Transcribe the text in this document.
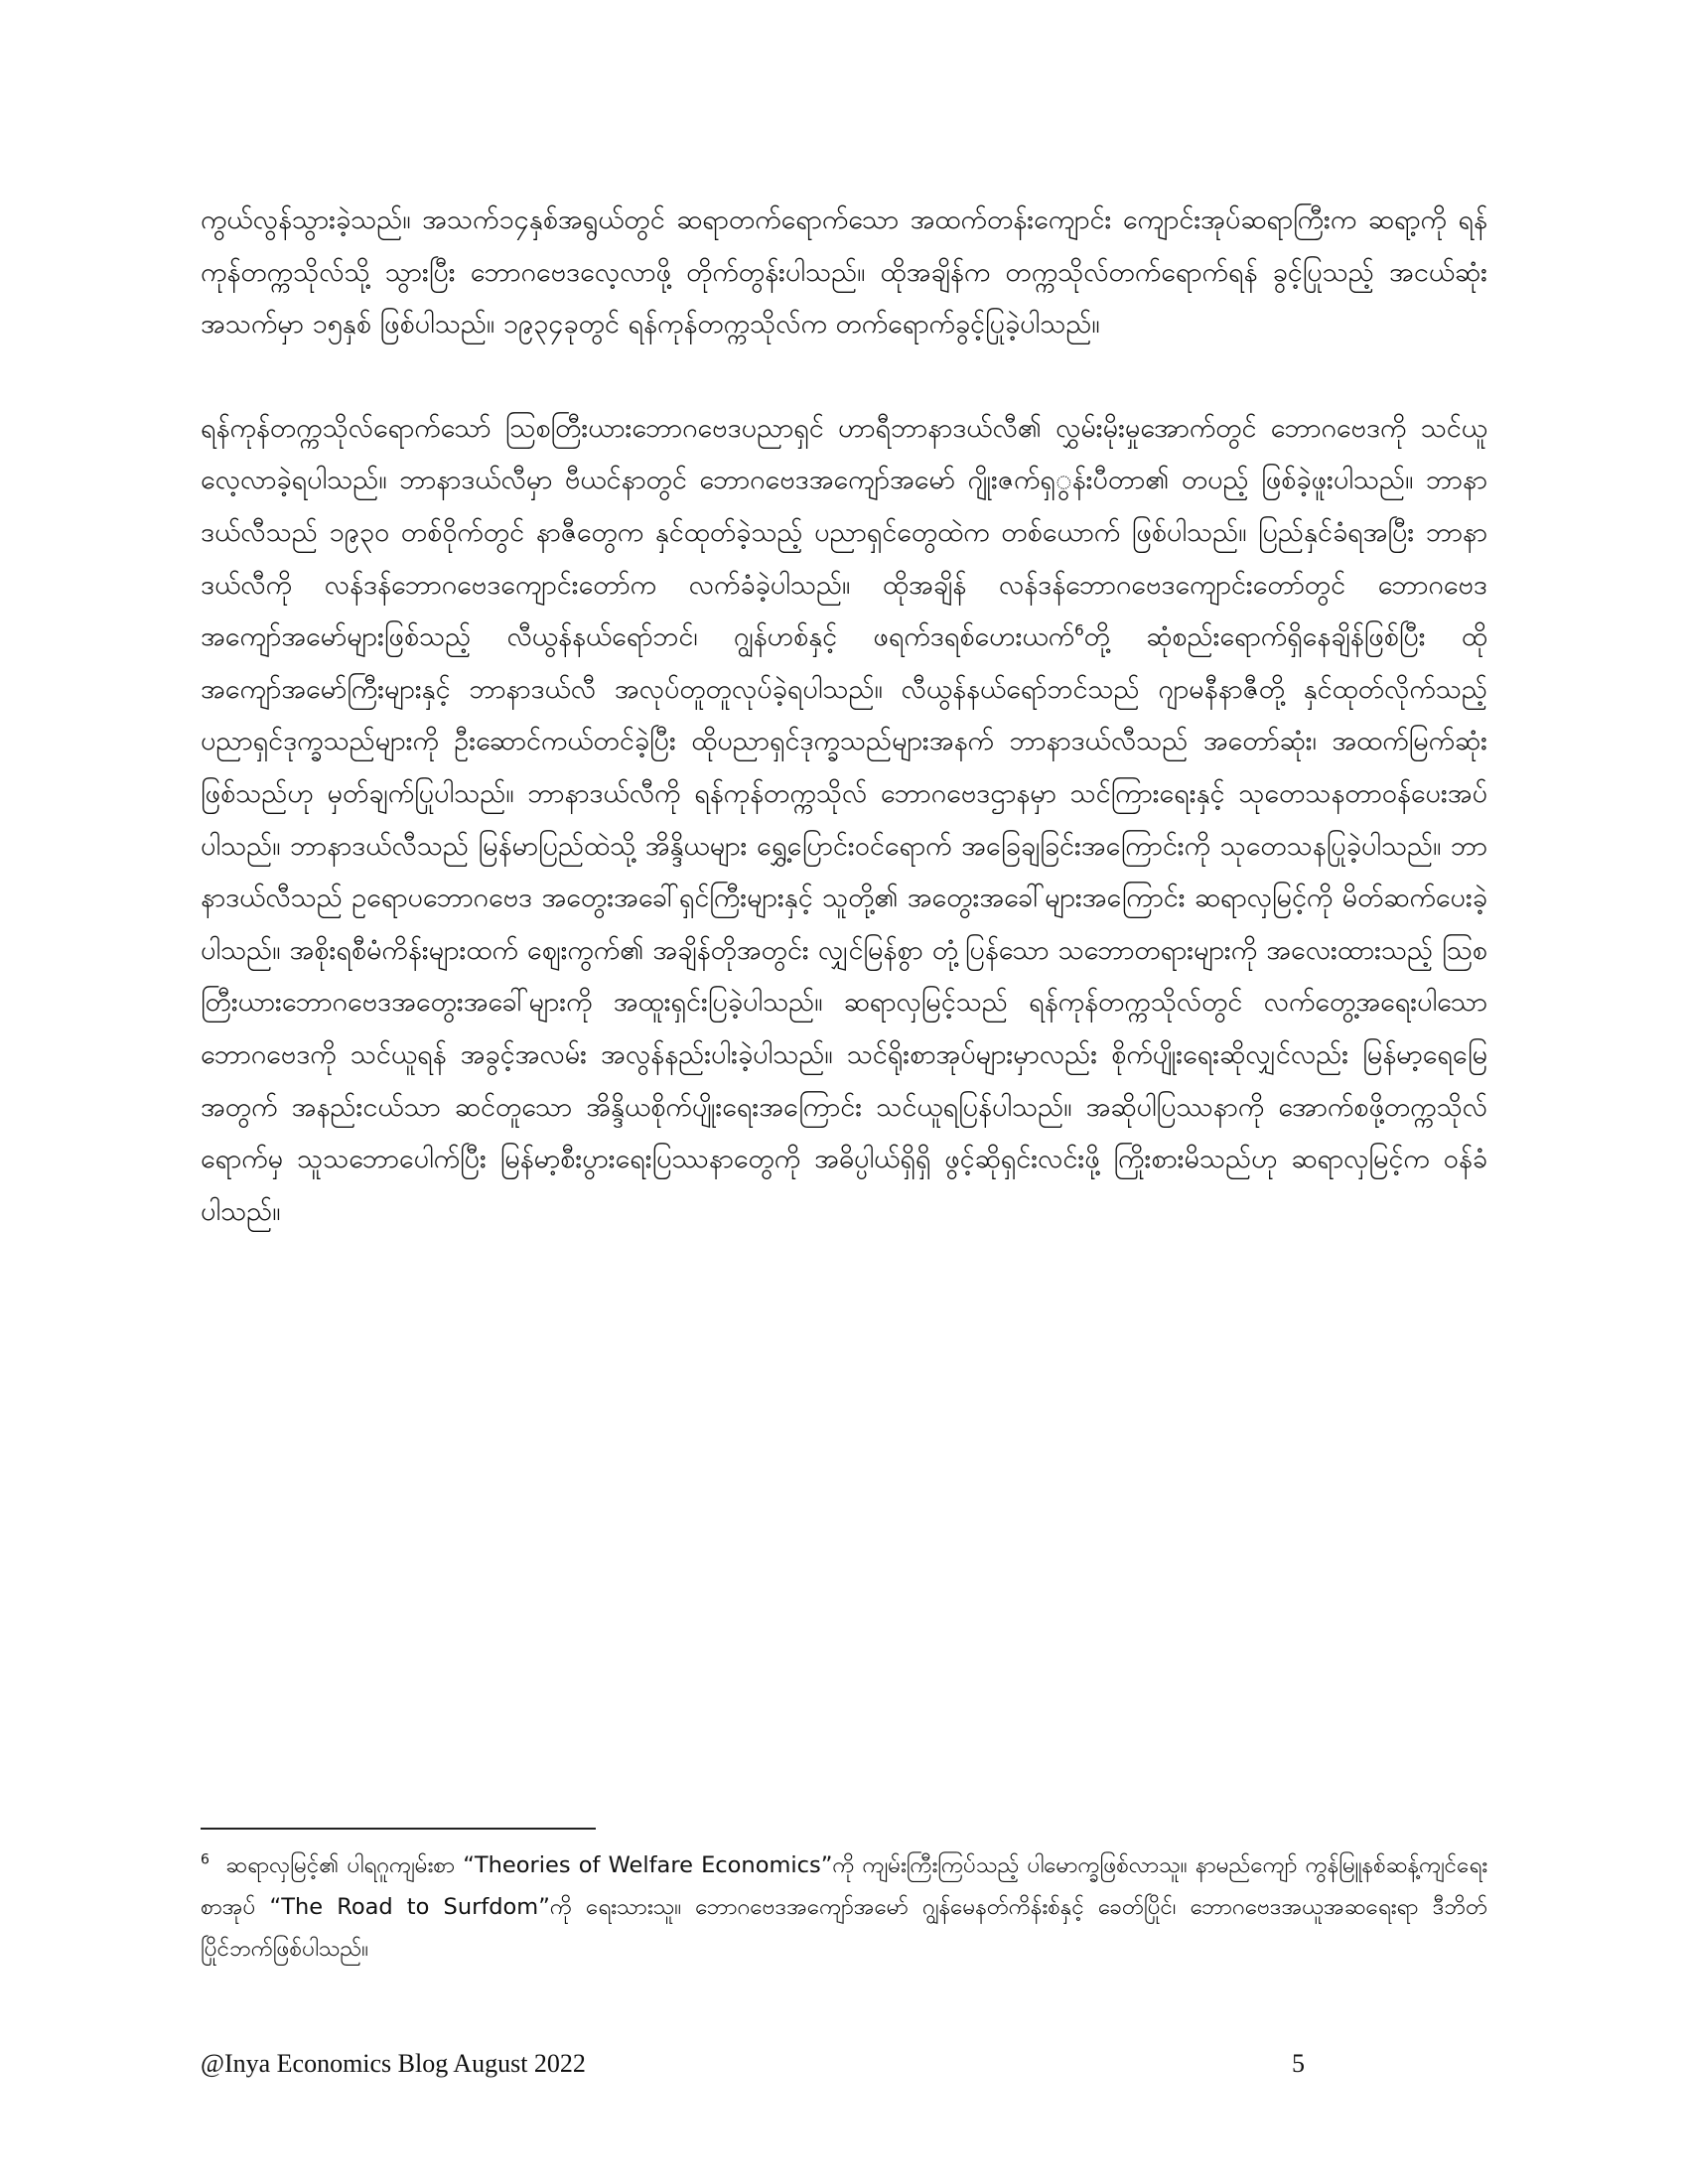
ကွယ်လွန်သွားခဲ့သည်။ အသက်၁၄နှစ်အရွယ်တွင် ဆရာတက်ရောက်သော အထက်တန်းကျောင်း ကျောင်းအုပ်ဆရာကြီးက ဆရာ့ကို ရန်ကုန်တက္ကသိုလ်သို့ သွားပြီး ဘောဂဗေဒလေ့လာဖို့ တိုက်တွန်းပါသည်။ ထိုအချိန်က တက္ကသိုလ်တက်ရောက်ရန် ခွင့်ပြုသည့် အငယ်ဆုံးအသက်မှာ ၁၅နှစ် ဖြစ်ပါသည်။ ၁၉၃၄ခုတွင် ရန်ကုန်တက္ကသိုလ်က တက်ရောက်ခွင့်ပြုခဲ့ပါသည်။

ရန်ကုန်တက္ကသိုလ်ရောက်သော် ဩစတြီးယားဘောဂဗေဒပညာရှင် ဟာရီဘာနာဒယ်လီ၏ လွှမ်းမိုးမှုအောက်တွင် ဘောဂဗေဒကို သင်ယူလေ့လာခဲ့ရပါသည်။ ဘာနာဒယ်လီမှာ ဗီယင်နာတွင် ဘောဂဗေဒအကျော်အမော် ဂျိုးဇက်ရှွန်းပီတာ၏ တပည့် ဖြစ်ခဲ့ဖူးပါသည်။ ဘာနာဒယ်လီသည် ၁၉၃၀ တစ်ဝိုက်တွင် နာဇီတွေက နှင်ထုတ်ခဲ့သည့် ပညာရှင်တွေထဲက တစ်ယောက် ဖြစ်ပါသည်။ ပြည်နှင်ခံရအပြီး ဘာနာဒယ်လီကို လန်ဒန်ဘောဂဗေဒကျောင်းတော်က လက်ခံခဲ့ပါသည်။ ထိုအချိန် လန်ဒန်ဘောဂဗေဒကျောင်းတော်တွင် ဘောဂဗေဒအကျော်အမော်များဖြစ်သည့် လီယွန်နယ်ရော်ဘင်၊ ဂျွန်ဟစ်နှင့် ဖရက်ဒရစ်ဟေးယက်$^6$တို့ ဆုံစည်းရောက်ရှိနေချိန်ဖြစ်ပြီး ထိုအကျော်အမော်ကြီးများနှင့် ဘာနာဒယ်လီ အလုပ်တူတူလုပ်ခဲ့ရပါသည်။ လီယွန်နယ်ရော်ဘင်သည် ဂျာမနီနာဇီတို့ နှင်ထုတ်လိုက်သည့် ပညာရှင်ဒုက္ခသည်များကို ဦးဆောင်ကယ်တင်ခဲ့ပြီး ထိုပညာရှင်ဒုက္ခသည်များအနက် ဘာနာဒယ်လီသည် အတော်ဆုံး၊ အထက်မြက်ဆုံး ဖြစ်သည်ဟု မှတ်ချက်ပြုပါသည်။ ဘာနာဒယ်လီကို ရန်ကုန်တက္ကသိုလ် ဘောဂဗေဒဌာနမှာ သင်ကြားရေးနှင့် သုတေသနတာဝန်ပေးအပ်ပါသည်။ ဘာနာဒယ်လီသည် မြန်မာပြည်ထဲသို့ အိန္ဒိယများ ရွှေ့ပြောင်းဝင်ရောက် အခြေချခြင်းအကြောင်းကို သုတေသနပြုခဲ့ပါသည်။ ဘာနာဒယ်လီသည် ဥရောပဘောဂဗေဒ အတွေးအခေါ်ရှင်ကြီးများနှင့် သူတို့၏ အတွေးအခေါ်များအကြောင်း ဆရာလှမြင့်ကို မိတ်ဆက်ပေးခဲ့ပါသည်။ အစိုးရစီမံကိန်းများထက် ဈေးကွက်၏ အချိန်တိုအတွင်း လျှင်မြန်စွာ တုံ့ပြန်သော သဘောတရားများကို အလေးထားသည့် ဩစတြီးယားဘောဂဗေဒအတွေးအခေါ်များကို အထူးရှင်းပြခဲ့ပါသည်။ ဆရာလှမြင့်သည် ရန်ကုန်တက္ကသိုလ်တွင် လက်တွေ့အရေးပါသော ဘောဂဗေဒကို သင်ယူရန် အခွင့်အလမ်း အလွန်နည်းပါးခဲ့ပါသည်။ သင်ရိုးစာအုပ်များမှာလည်း စိုက်ပျိုးရေးဆိုလျှင်လည်း မြန်မာ့ရေမြေအတွက် အနည်းငယ်သာ ဆင်တူသော အိန္ဒိယစိုက်ပျိုးရေးအကြောင်း သင်ယူရပြန်ပါသည်။ အဆိုပါပြဿနာကို အောက်စဖို့တက္ကသိုလ်ရောက်မှ သူသဘောပေါက်ပြီး မြန်မာ့စီးပွားရေးပြဿနာတွေကို အဓိပ္ပါယ်ရှိရှိ ဖွင့်ဆိုရှင်းလင်းဖို့ ကြိုးစားမိသည်ဟု ဆရာလှမြင့်က ဝန်ခံပါသည်။

$^6$ ဆရာလှမြင့်၏ ပါရဂူကျမ်းစာ “Theories of Welfare Economics”ကို ကျမ်းကြီးကြပ်သည့် ပါမောက္ခဖြစ်လာသူ။ နာမည်ကျော် ကွန်မြူနစ်ဆန့်ကျင်ရေး စာအုပ် “The Road to Surfdom”ကို ရေးသားသူ။ ဘောဂဗေဒအကျော်အမော် ဂျွန်မေနတ်ကိန်းစ်နှင့် ခေတ်ပြိုင်၊ ဘောဂဗေဒအယူအဆရေးရာ ဒီဘိတ်ပြိုင်ဘက်ဖြစ်ပါသည်။
@Inya Economics Blog August 2022	5
